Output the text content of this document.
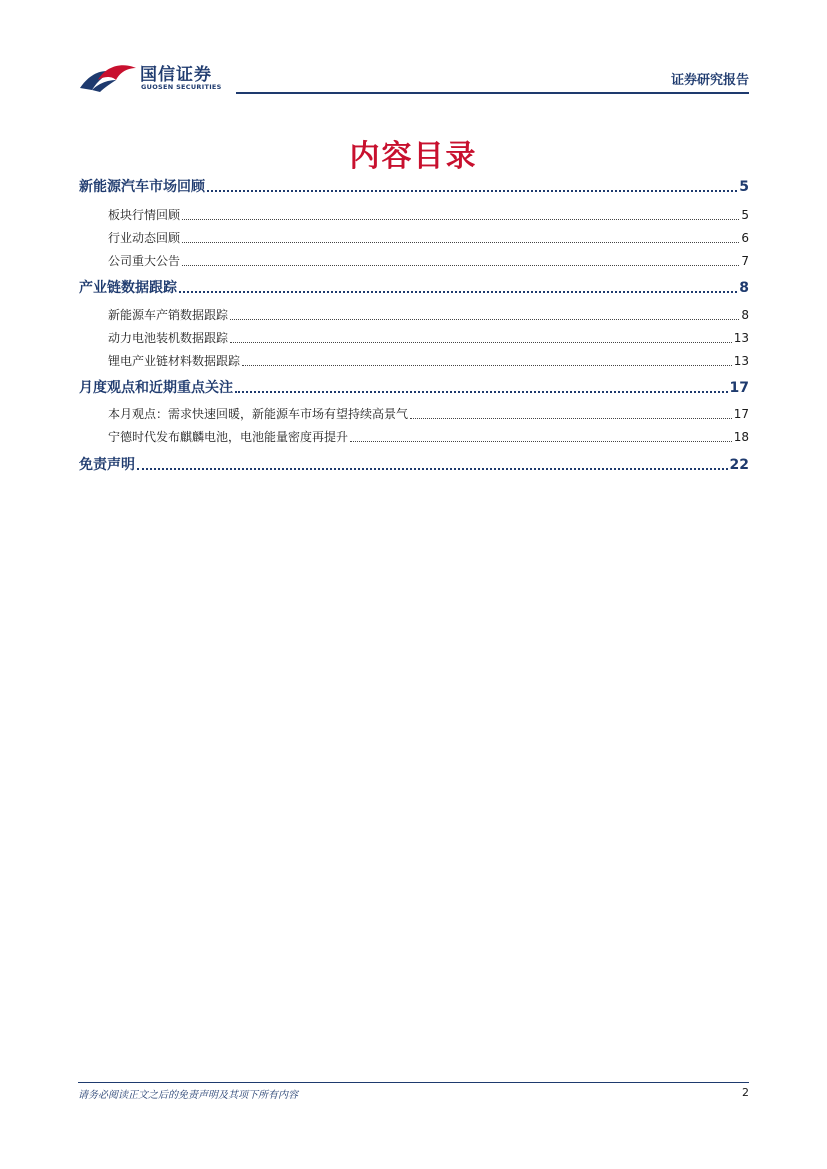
国信证券
GUOSEN SECURITIES	证券研究报告
内容目录
新能源汽车市场回顾	5
板块行情回顾	5
行业动态回顾	6
公司重大公告	7
产业链数据跟踪	8
新能源车产销数据跟踪	8
动力电池装机数据跟踪	13
锂电产业链材料数据跟踪	13
月度观点和近期重点关注	17
本月观点：需求快速回暖，新能源车市场有望持续高景气	17
宁德时代发布麒麟电池，电池能量密度再提升	18
免责声明	22
请务必阅读正文之后的免责声明及其项下所有内容	2
